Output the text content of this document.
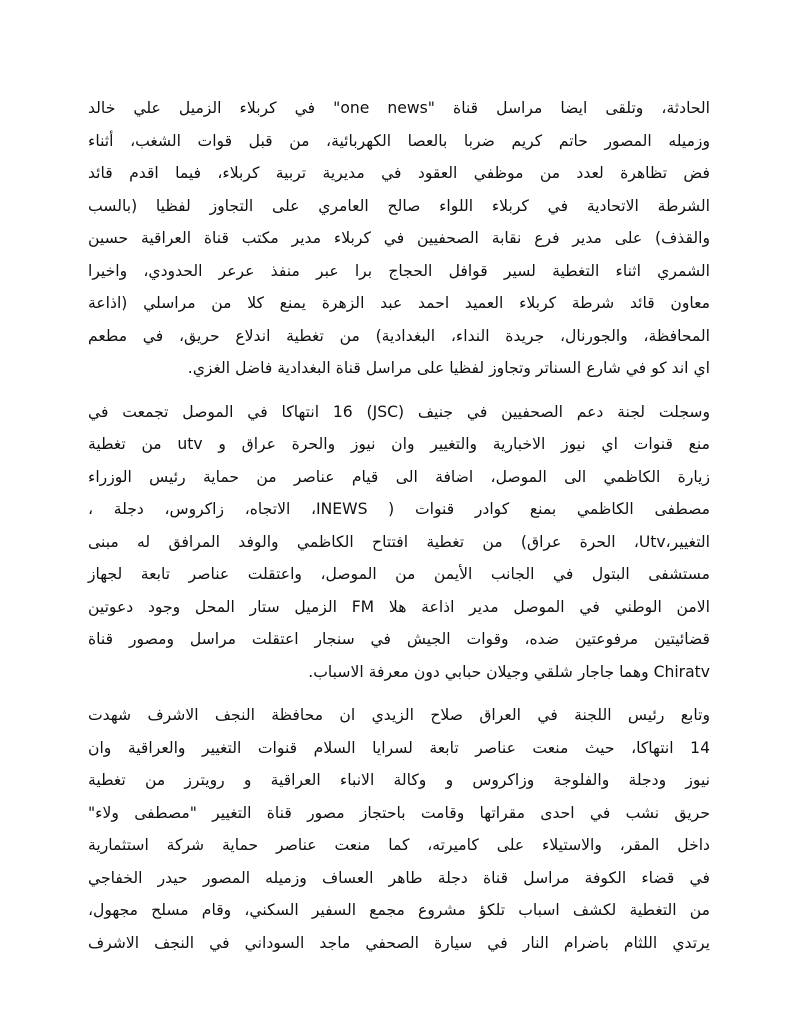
الحادثة، وتلقى ايضا مراسل قناة "one news" في كربلاء الزميل علي خالد
وزميله المصور حاتم كريم ضربا بالعصا الكهربائية، من قبل قوات الشغب، أثناء
فض تظاهرة لعدد من موظفي العقود في مديرية تربية كربلاء، فيما اقدم قائد
الشرطة الاتحادية في كربلاء اللواء صالح العامري على التجاوز لفظيا (بالسب
والقذف) على مدير فرع نقابة الصحفيين في كربلاء مدير مكتب قناة العراقية حسين
الشمري اثناء التغطية لسير قوافل الحجاج برا عبر منفذ عرعر الحدودي، واخيرا
معاون قائد شرطة كربلاء العميد احمد عبد الزهرة يمنع كلا من مراسلي (اذاعة
المحافظة، والجورنال، جريدة النداء، البغدادية) من تغطية اندلاع حريق، في مطعم
اي اند كو في شارع السناتر وتجاوز لفظيا على مراسل قناة البغدادية فاضل الغزي.
وسجلت لجنة دعم الصحفيين في جنيف (JSC) 16 انتهاكا في الموصل تجمعت في
منع قنوات اي نيوز الاخبارية والتغيير وان نيوز والحرة عراق و utv من تغطية
زيارة الكاظمي الى الموصل، اضافة الى قيام عناصر من حماية رئيس الوزراء
مصطفى الكاظمي بمنع كوادر قنوات ( INEWS، الاتجاه، زاكروس، دجلة ،
التغيير،Utv، الحرة عراق) من تغطية افتتاح الكاظمي والوفد المرافق له مبنى
مستشفى البتول في الجانب الأيمن من الموصل، واعتقلت عناصر تابعة لجهاز
الامن الوطني في الموصل مدير اذاعة هلا FM الزميل ستار المحل وجود دعوتين
قضائيتين مرفوعتين ضده، وقوات الجيش في سنجار اعتقلت مراسل ومصور قناة
Chiratv وهما جاجار شلقي وجيلان حبابي دون معرفة الاسباب.
وتابع رئيس اللجنة في العراق صلاح الزيدي ان محافظة النجف الاشرف شهدت
14 انتهاكا، حيث منعت عناصر تابعة لسرايا السلام قنوات التغيير والعراقية وان
نيوز ودجلة والفلوجة وزاكروس و وكالة الانباء العراقية و رويترز من تغطية
حريق نشب في احدى مقراتها وقامت باحتجاز مصور قناة التغيير "مصطفى ولاء"
داخل المقر، والاستيلاء على كاميرته، كما منعت عناصر حماية شركة استثمارية
في قضاء الكوفة مراسل قناة دجلة طاهر العساف وزميله المصور حيدر الخفاجي
من التغطية لكشف اسباب تلكؤ مشروع مجمع السفير السكني، وقام مسلح مجهول،
يرتدي اللثام باضرام النار في سيارة الصحفي ماجد السوداني في النجف الاشرف
